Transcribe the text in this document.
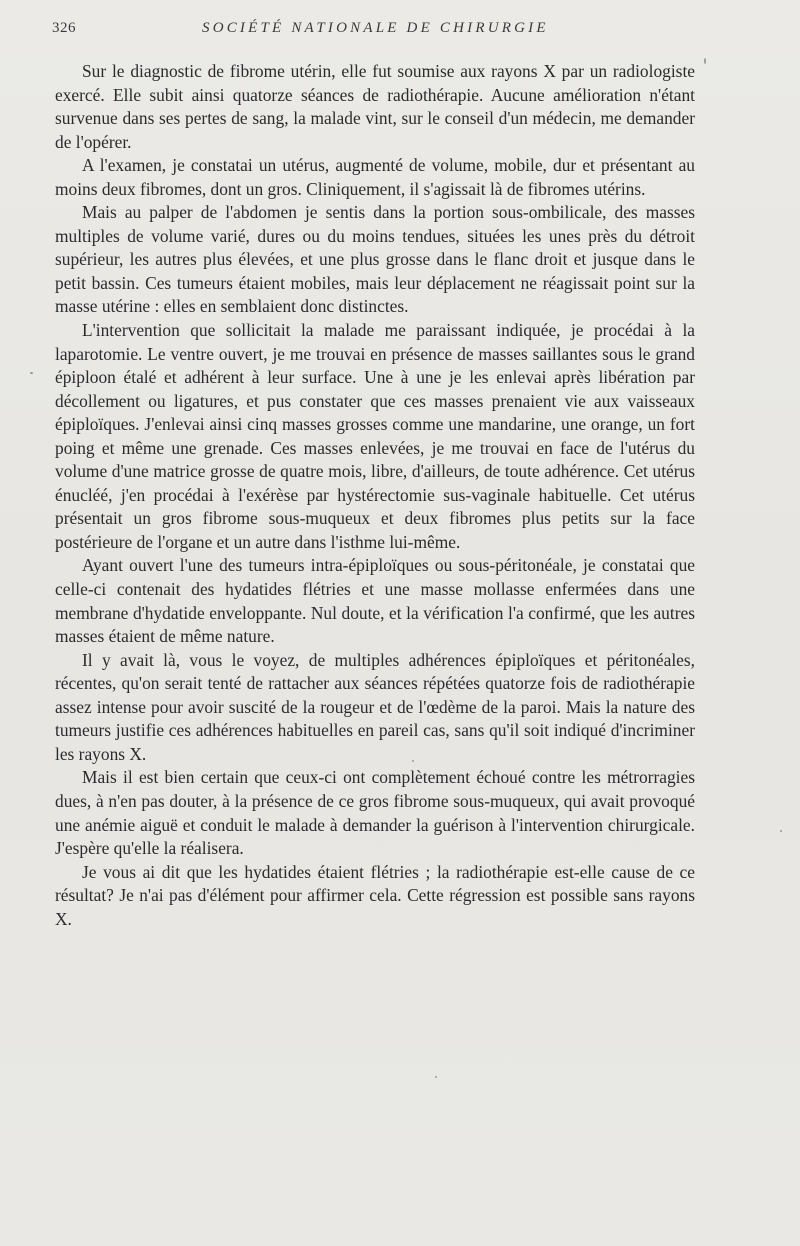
326	SOCIÉTÉ NATIONALE DE CHIRURGIE

Sur le diagnostic de fibrome utérin, elle fut soumise aux rayons X par un radiologiste exercé. Elle subit ainsi quatorze séances de radiothérapie. Aucune amélioration n'étant survenue dans ses pertes de sang, la malade vint, sur le conseil d'un médecin, me demander de l'opérer.

A l'examen, je constatai un utérus, augmenté de volume, mobile, dur et présentant au moins deux fibromes, dont un gros. Cliniquement, il s'agissait là de fibromes utérins.

Mais au palper de l'abdomen je sentis dans la portion sous-ombilicale, des masses multiples de volume varié, dures ou du moins tendues, situées les unes près du détroit supérieur, les autres plus élevées, et une plus grosse dans le flanc droit et jusque dans le petit bassin. Ces tumeurs étaient mobiles, mais leur déplacement ne réagissait point sur la masse utérine : elles en semblaient donc distinctes.

L'intervention que sollicitait la malade me paraissant indiquée, je procédai à la laparotomie. Le ventre ouvert, je me trouvai en présence de masses saillantes sous le grand épiploon étalé et adhérent à leur surface. Une à une je les enlevai après libération par décollement ou ligatures, et pus constater que ces masses prenaient vie aux vaisseaux épiploïques. J'enlevai ainsi cinq masses grosses comme une mandarine, une orange, un fort poing et même une grenade. Ces masses enlevées, je me trouvai en face de l'utérus du volume d'une matrice grosse de quatre mois, libre, d'ailleurs, de toute adhérence. Cet utérus énucléé, j'en procédai à l'exérèse par hystérectomie sus-vaginale habituelle. Cet utérus présentait un gros fibrome sous-muqueux et deux fibromes plus petits sur la face postérieure de l'organe et un autre dans l'isthme lui-même.

Ayant ouvert l'une des tumeurs intra-épiploïques ou sous-péritonéale, je constatai que celle-ci contenait des hydatides flétries et une masse mollasse enfermées dans une membrane d'hydatide enveloppante. Nul doute, et la vérification l'a confirmé, que les autres masses étaient de même nature.

Il y avait là, vous le voyez, de multiples adhérences épiploïques et péritonéales, récentes, qu'on serait tenté de rattacher aux séances répétées quatorze fois de radiothérapie assez intense pour avoir suscité de la rougeur et de l'œdème de la paroi. Mais la nature des tumeurs justifie ces adhérences habituelles en pareil cas, sans qu'il soit indiqué d'incriminer les rayons X.

Mais il est bien certain que ceux-ci ont complètement échoué contre les métrorragies dues, à n'en pas douter, à la présence de ce gros fibrome sous-muqueux, qui avait provoqué une anémie aiguë et conduit le malade à demander la guérison à l'intervention chirurgicale. J'espère qu'elle la réalisera.

Je vous ai dit que les hydatides étaient flétries ; la radiothérapie est-elle cause de ce résultat? Je n'ai pas d'élément pour affirmer cela. Cette régression est possible sans rayons X.
